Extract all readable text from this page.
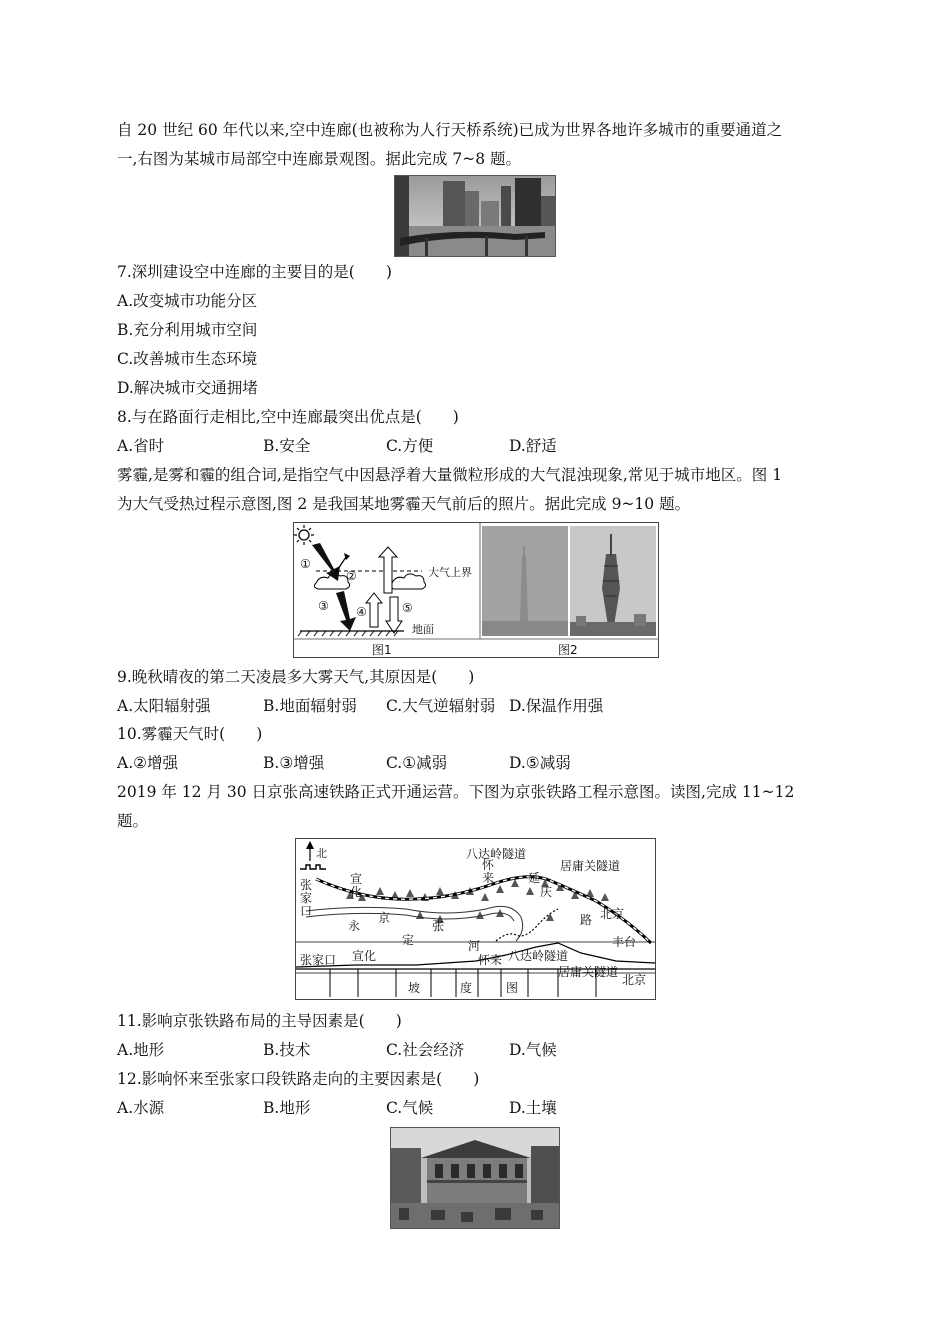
自 20 世纪 60 年代以来,空中连廊(也被称为人行天桥系统)已成为世界各地许多城市的重要通道之
一,右图为某城市局部空中连廊景观图。据此完成 7~8 题。
7.深圳建设空中连廊的主要目的是(　　)
A.改变城市功能分区
B.充分利用城市空间
C.改善城市生态环境
D.解决城市交通拥堵
8.与在路面行走相比,空中连廊最突出优点是(　　)
A.省时	B.安全	C.方便	D.舒适
雾霾,是雾和霾的组合词,是指空气中因悬浮着大量微粒形成的大气混浊现象,常见于城市地区。图 1
为大气受热过程示意图,图 2 是我国某地雾霾天气前后的照片。据此完成 9~10 题。
①
②
③ ④	⑤
大气上界
地面
图1	图2
9.晚秋晴夜的第二天凌晨多大雾天气,其原因是(　　)
A.太阳辐射强	B.地面辐射弱 C.大气逆辐射弱 D.保温作用强
10.雾霾天气时(　　)
A.②增强	B.③增强	C.①减弱	D.⑤减弱
2019 年 12 月 30 日京张高速铁路正式开通运营。下图为京张铁路工程示意图。读图,完成 11~12
题。
北	八达岭隧道
居庸关隧道
张家口
宣化
怀来	延
庆
永
京
定
张
河
路 北京
丰台
张家口 宣化	怀来 八达岭隧道
居庸关隧道
北京
坡	度	图
11.影响京张铁路布局的主导因素是(　　)
A.地形	B.技术	C.社会经济	D.气候
12.影响怀来至张家口段铁路走向的主要因素是(　　)
A.水源	B.地形	C.气候	D.土壤
